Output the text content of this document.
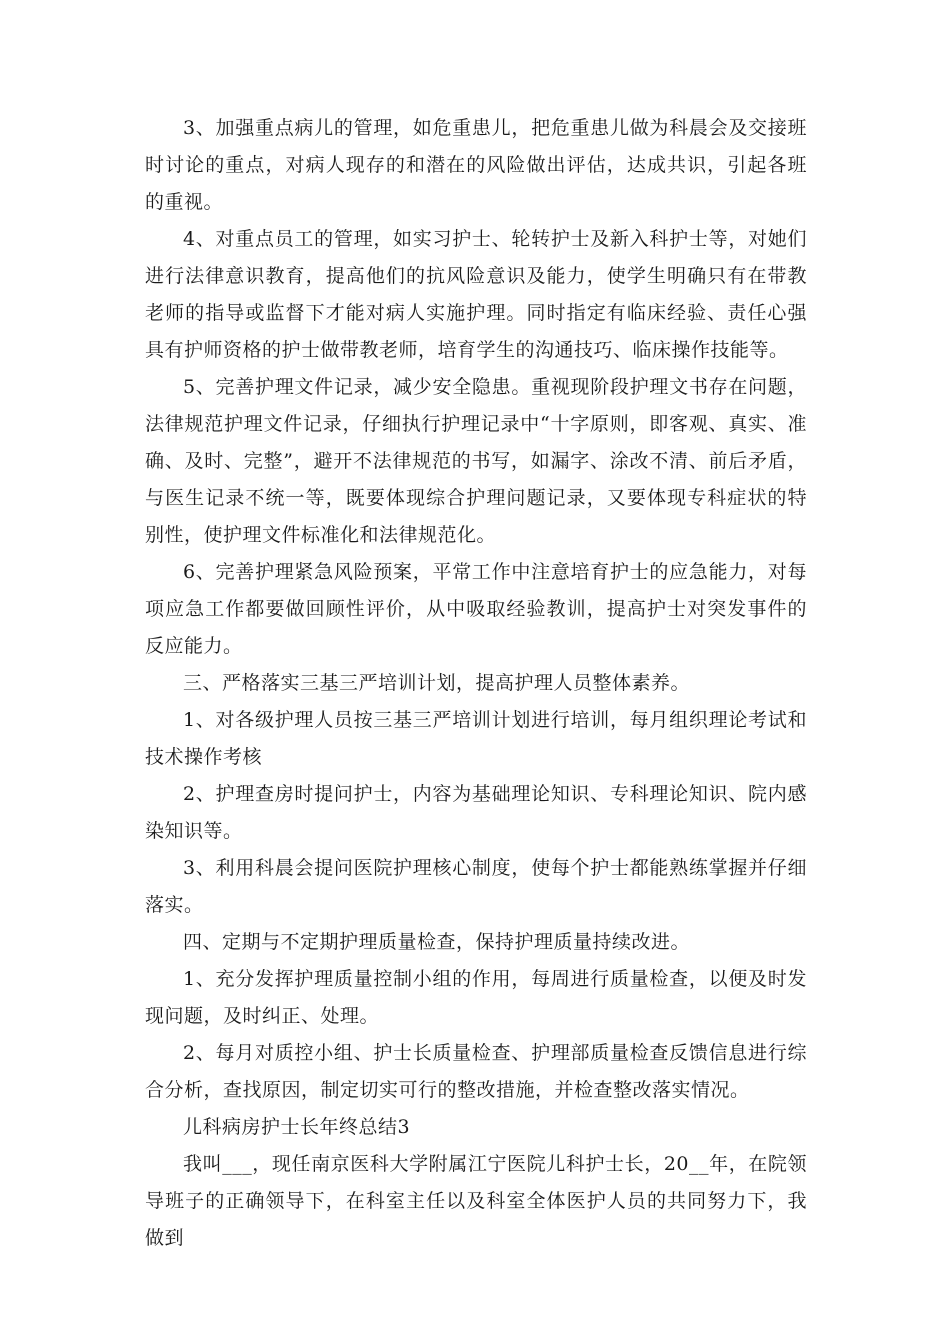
3、加强重点病儿的管理，如危重患儿，把危重患儿做为科晨会及交接班时讨论的重点，对病人现存的和潜在的风险做出评估，达成共识，引起各班的重视。

4、对重点员工的管理，如实习护士、轮转护士及新入科护士等，对她们进行法律意识教育，提高他们的抗风险意识及能力，使学生明确只有在带教老师的指导或监督下才能对病人实施护理。同时指定有临床经验、责任心强具有护师资格的护士做带教老师，培育学生的沟通技巧、临床操作技能等。

5、完善护理文件记录，减少安全隐患。重视现阶段护理文书存在问题，法律规范护理文件记录，仔细执行护理记录中“十字原则，即客观、真实、准确、及时、完整”，避开不法律规范的书写，如漏字、涂改不清、前后矛盾，与医生记录不统一等，既要体现综合护理问题记录，又要体现专科症状的特别性，使护理文件标准化和法律规范化。

6、完善护理紧急风险预案，平常工作中注意培育护士的应急能力，对每项应急工作都要做回顾性评价，从中吸取经验教训，提高护士对突发事件的反应能力。

三、严格落实三基三严培训计划，提高护理人员整体素养。

1、对各级护理人员按三基三严培训计划进行培训，每月组织理论考试和技术操作考核

2、护理查房时提问护士，内容为基础理论知识、专科理论知识、院内感染知识等。

3、利用科晨会提问医院护理核心制度，使每个护士都能熟练掌握并仔细落实。

四、定期与不定期护理质量检查，保持护理质量持续改进。

1、充分发挥护理质量控制小组的作用，每周进行质量检查，以便及时发现问题，及时纠正、处理。

2、每月对质控小组、护士长质量检查、护理部质量检查反馈信息进行综合分析，查找原因，制定切实可行的整改措施，并检查整改落实情况。

儿科病房护士长年终总结3

我叫___，现任南京医科大学附属江宁医院儿科护士长，20__年，在院领导班子的正确领导下，在科室主任以及科室全体医护人员的共同努力下，我做到
